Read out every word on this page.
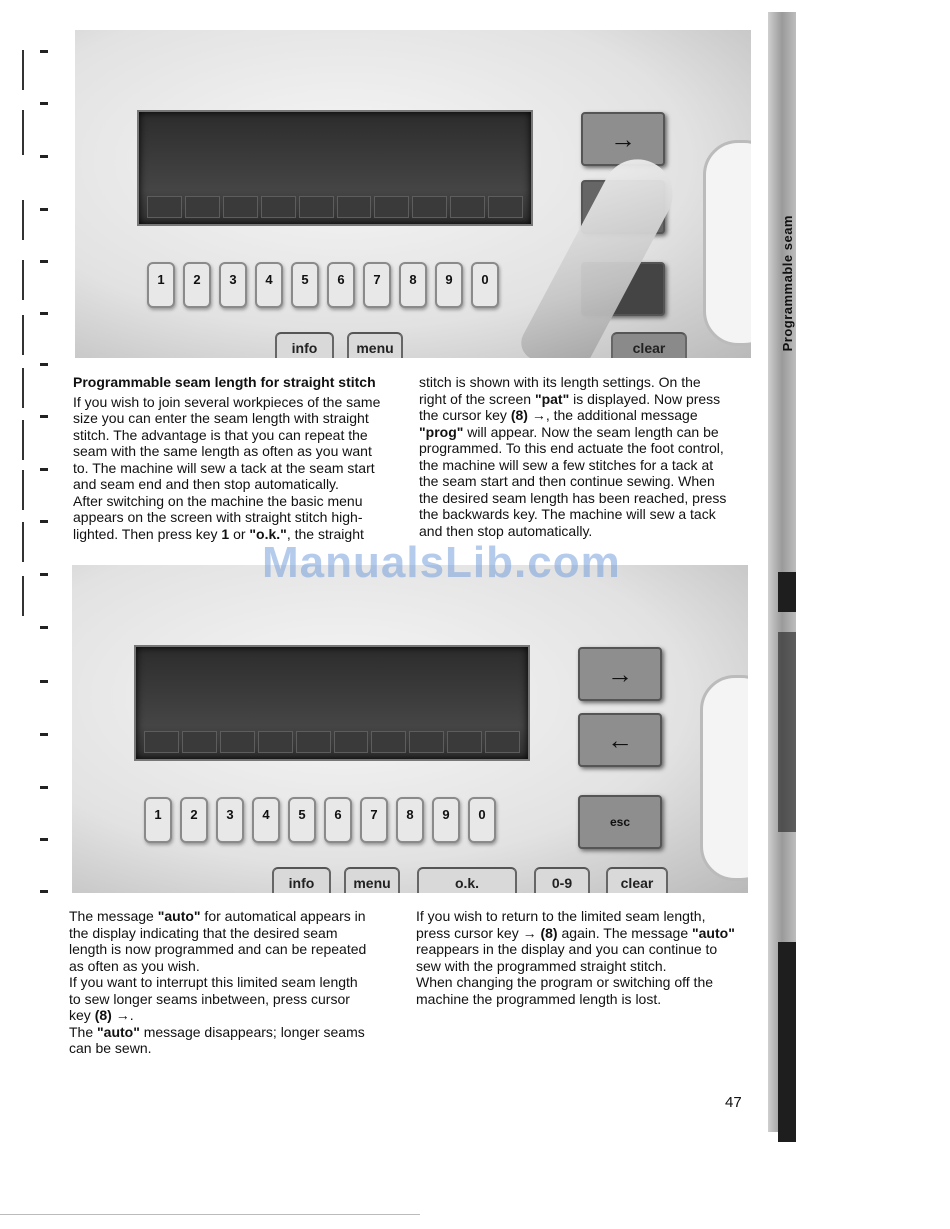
Programmable seam
1	2	3	4	5	6	7	8	9	0
→
info	menu	clear
Programmable seam length for straight stitch

If you wish to join several workpieces of the same

size you can enter the seam length with straight

stitch. The advantage is that you can repeat the

seam with the same length as often as you want

to. The machine will sew a tack at the seam start

and seam end and then stop automatically.

After switching on the machine the basic menu

appears on the screen with straight stitch high-

lighted. Then press key 1 or "o.k.", the straight

stitch is shown with its length settings. On the

right of the screen "pat" is displayed. Now press

the cursor key (8) →, the additional message

"prog" will appear. Now the seam length can be

programmed. To this end actuate the foot control,

the machine will sew a few stitches for a tack at

the seam start and then continue sewing. When

the desired seam length has been reached, press

the backwards key. The machine will sew a tack

and then stop automatically.

1	2	3	4	5	6	7	8	9	0
→
←
esc
info	menu	o.k.	0-9	clear
ManualsLib.com

The message "auto" for automatical appears in

the display indicating that the desired seam

length is now programmed and can be repeated

as often as you wish.

If you want to interrupt this limited seam length

to sew longer seams inbetween, press cursor

key (8) →.

The "auto" message disappears; longer seams

can be sewn.

If you wish to return to the limited seam length,

press cursor key → (8) again. The message "auto"

reappears in the display and you can continue to

sew with the programmed straight stitch.

When changing the program or switching off the

machine the programmed length is lost.

47
